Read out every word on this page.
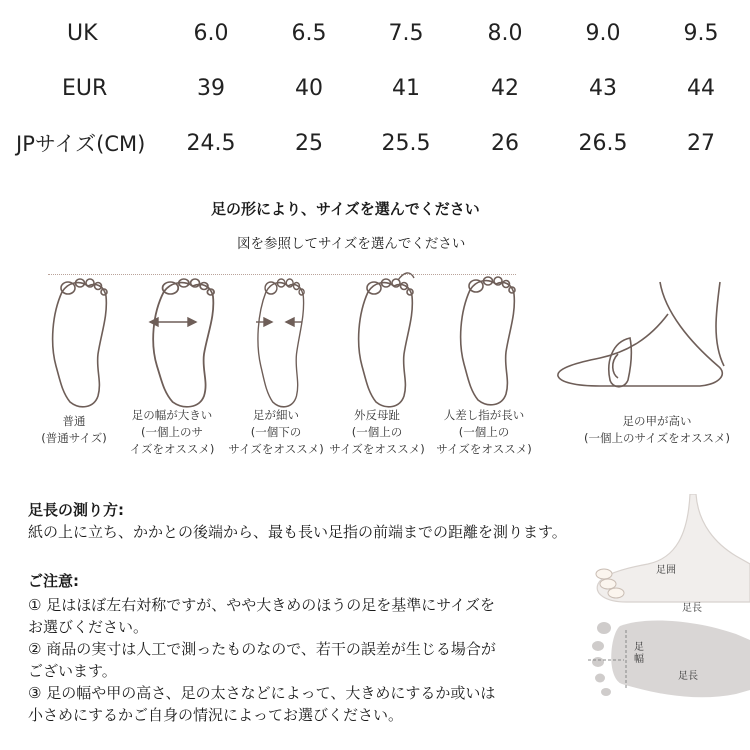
UK	6.0	6.5	7.5	8.0	9.0	9.5
EUR	39	40	41	42	43	44
JPサイズ(CM)	24.5	25	25.5	26	26.5	27
足の形により、サイズを選んでください
図を参照してサイズを選んでください
普通
(普通サイズ)
足の幅が大きい
(一個上のサ
イズをオススメ)
足が細い
(一個下の
サイズをオススメ)
外反母趾
(一個上の
サイズをオススメ)
人差し指が長い
(一個上の
サイズをオススメ)
足の甲が高い
(一個上のサイズをオススメ)
足囲
足長
足幅
足長
足長の測り方:
紙の上に立ち、かかとの後端から、最も長い足指の前端までの距離を測ります。
ご注意:
① 足はほぼ左右対称ですが、やや大きめのほうの足を基準にサイズを
お選びください。
② 商品の実寸は人工で測ったものなので、若干の誤差が生じる場合が
ございます。
③ 足の幅や甲の高さ、足の太さなどによって、大きめにするか或いは
小さめにするかご自身の情況によってお選びください。
